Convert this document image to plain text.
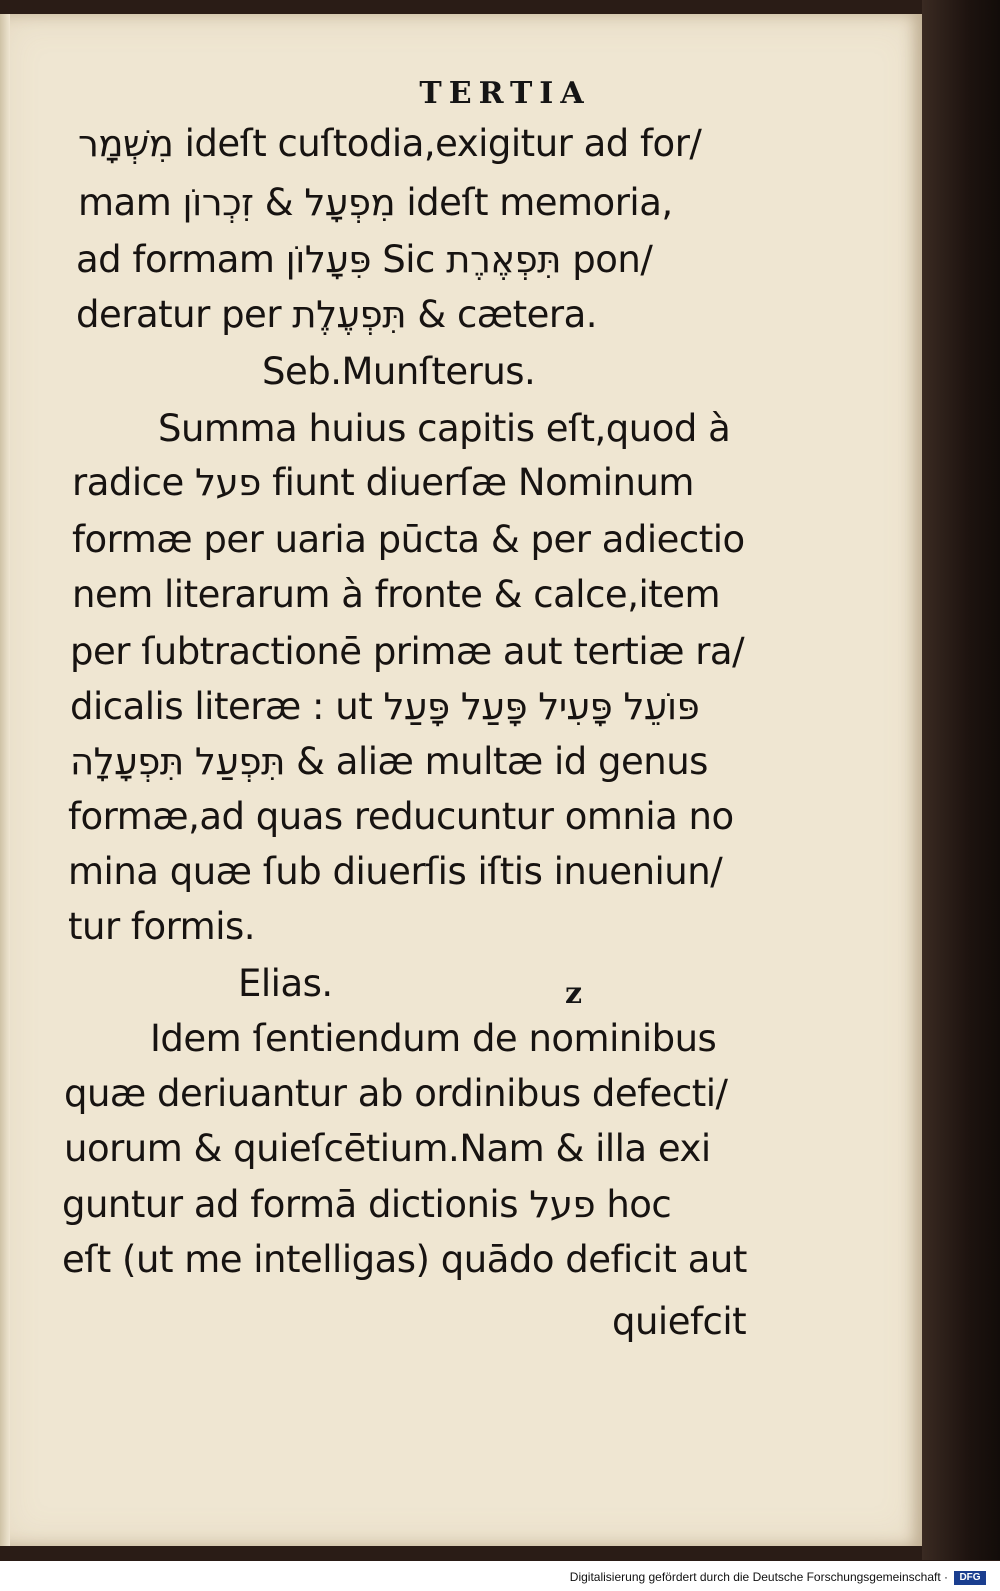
TERTIA
מִשְׁמָר ideſt cuſtodia,exigitur ad for/
mam מִפְעָל & זִכְרוֹן ideſt memoria,
ad formam פִּעָלוֹן Sic תִּפְאֶרֶת pon/
deratur per תִּפְעֶלֶת & cætera.
Seb.Munſterus.
Summa huius capitis eſt,quod à
radice פעל fiunt diuerſæ Nominum
formæ per uaria pūcta & per adiectio
nem literarum à fronte & calce,item
per ſubtractionē primæ aut tertiæ ra/
dicalis literæ : ut פּוֹעֵל פָּעִיל פָּעַל פָּעַל
תִּפְעַל תִּפְעָלָה & aliæ multæ id genus
formæ,ad quas reducuntur omnia no
mina quæ ſub diuerſis iſtis inueniun/
tur formis.
Elias.	z
Idem ſentiendum de nominibus
quæ deriuantur ab ordinibus defecti/
uorum & quieſcētium.Nam & illa exi
guntur ad formā dictionis פעל hoc
eſt (ut me intelligas) quādo deficit aut
quiefcit
Digitalisierung gefördert durch die Deutsche Forschungsgemeinschaft ·	DFG
